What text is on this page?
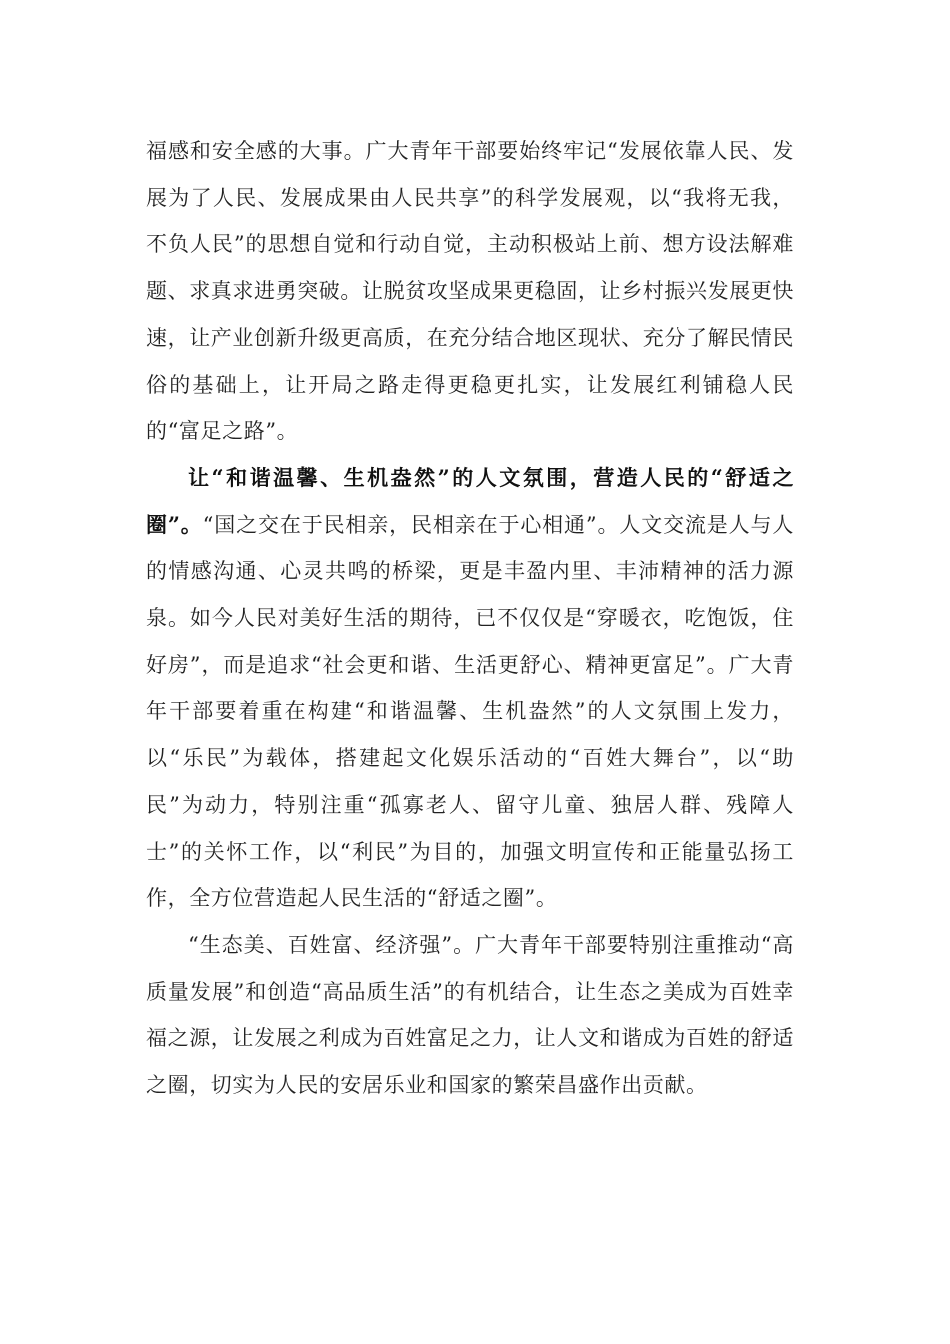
福感和安全感的大事。广大青年干部要始终牢记“发展依靠人民、发展为了人民、发展成果由人民共享”的科学发展观，以“我将无我，不负人民”的思想自觉和行动自觉，主动积极站上前、想方设法解难题、求真求进勇突破。让脱贫攻坚成果更稳固，让乡村振兴发展更快速，让产业创新升级更高质，在充分结合地区现状、充分了解民情民俗的基础上，让开局之路走得更稳更扎实，让发展红利铺稳人民的“富足之路”。

让“和谐温馨、生机盎然”的人文氛围，营造人民的“舒适之圈”。“国之交在于民相亲，民相亲在于心相通”。人文交流是人与人的情感沟通、心灵共鸣的桥梁，更是丰盈内里、丰沛精神的活力源泉。如今人民对美好生活的期待，已不仅仅是“穿暖衣，吃饱饭，住好房”，而是追求“社会更和谐、生活更舒心、精神更富足”。广大青年干部要着重在构建“和谐温馨、生机盎然”的人文氛围上发力，以“乐民”为载体，搭建起文化娱乐活动的“百姓大舞台”，以“助民”为动力，特别注重“孤寡老人、留守儿童、独居人群、残障人士”的关怀工作，以“利民”为目的，加强文明宣传和正能量弘扬工作，全方位营造起人民生活的“舒适之圈”。

“生态美、百姓富、经济强”。广大青年干部要特别注重推动“高质量发展”和创造“高品质生活”的有机结合，让生态之美成为百姓幸福之源，让发展之利成为百姓富足之力，让人文和谐成为百姓的舒适之圈，切实为人民的安居乐业和国家的繁荣昌盛作出贡献。
